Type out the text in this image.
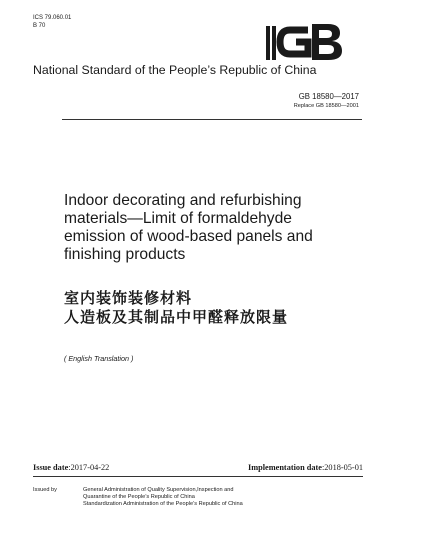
ICS 79.060.01
B 70
National Standard of the People’s Republic of China
GB 18580—2017
Replace GB 18580—2001
Indoor decorating and refurbishing
materials—Limit of formaldehyde
emission of wood-based panels and
finishing products
室内装饰装修材料
人造板及其制品中甲醛释放限量
( English Translation )
Issue date:2017-04-22	Implementation date:2018-05-01
Issued by	General Administration of Quality Supervision,Inspection and
Quarantine of the People’s Republic of China
Standardization Administration of the People’s Republic of China
